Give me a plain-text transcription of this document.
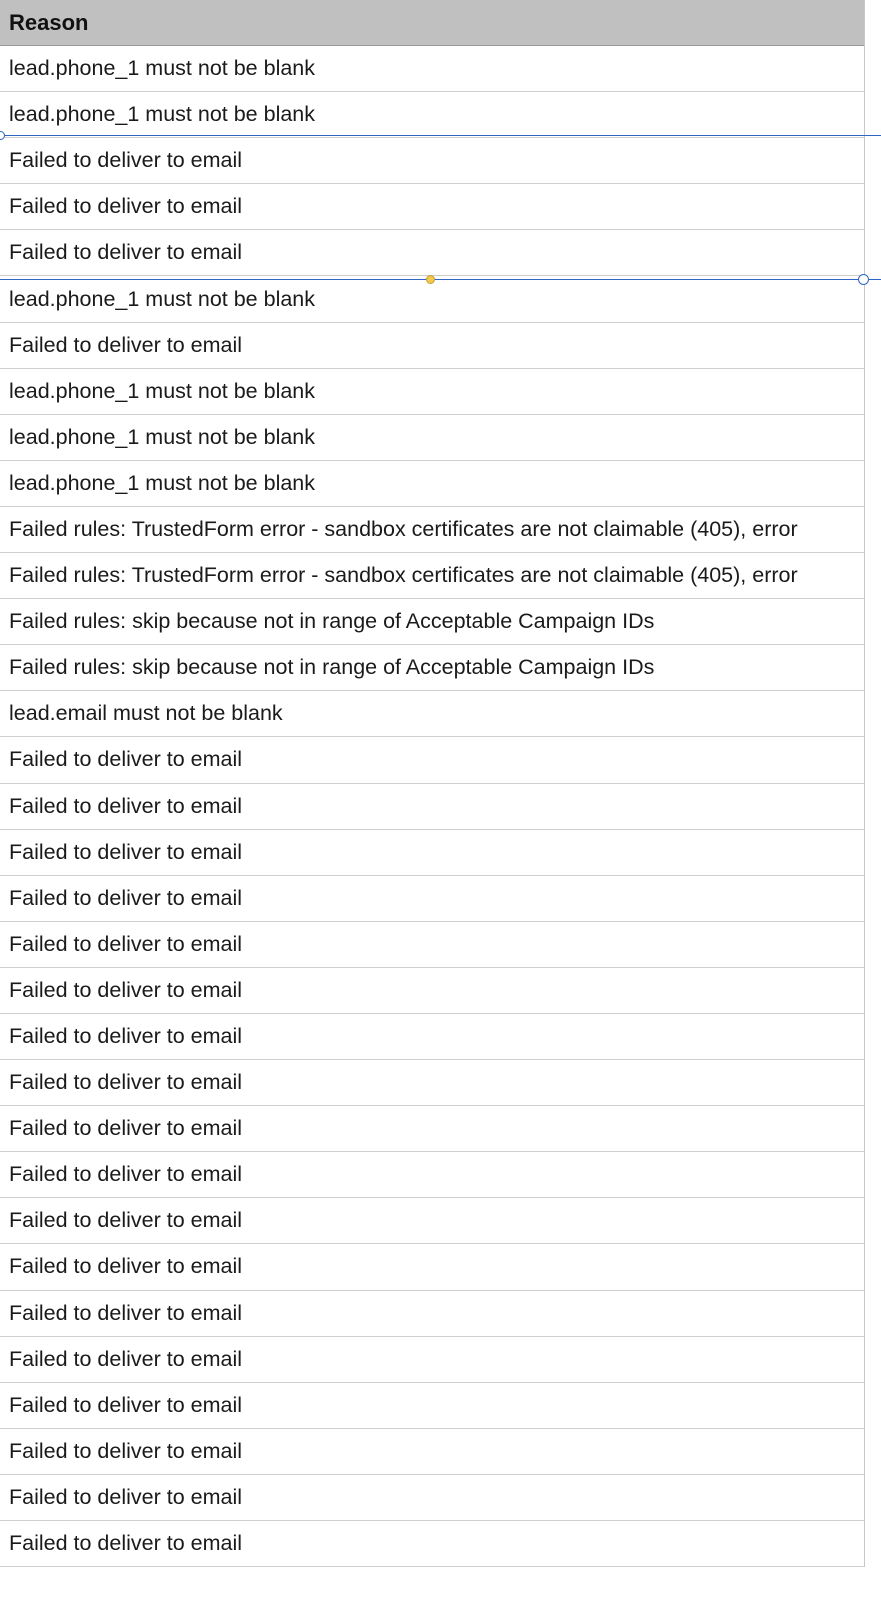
Reason
lead.phone_1 must not be blank
lead.phone_1 must not be blank
Failed to deliver to email
Failed to deliver to email
Failed to deliver to email
lead.phone_1 must not be blank
Failed to deliver to email
lead.phone_1 must not be blank
lead.phone_1 must not be blank
lead.phone_1 must not be blank
Failed rules: TrustedForm error - sandbox certificates are not claimable (405), error
Failed rules: TrustedForm error - sandbox certificates are not claimable (405), error
Failed rules: skip because not in range of Acceptable Campaign IDs
Failed rules: skip because not in range of Acceptable Campaign IDs
lead.email must not be blank
Failed to deliver to email
Failed to deliver to email
Failed to deliver to email
Failed to deliver to email
Failed to deliver to email
Failed to deliver to email
Failed to deliver to email
Failed to deliver to email
Failed to deliver to email
Failed to deliver to email
Failed to deliver to email
Failed to deliver to email
Failed to deliver to email
Failed to deliver to email
Failed to deliver to email
Failed to deliver to email
Failed to deliver to email
Failed to deliver to email
